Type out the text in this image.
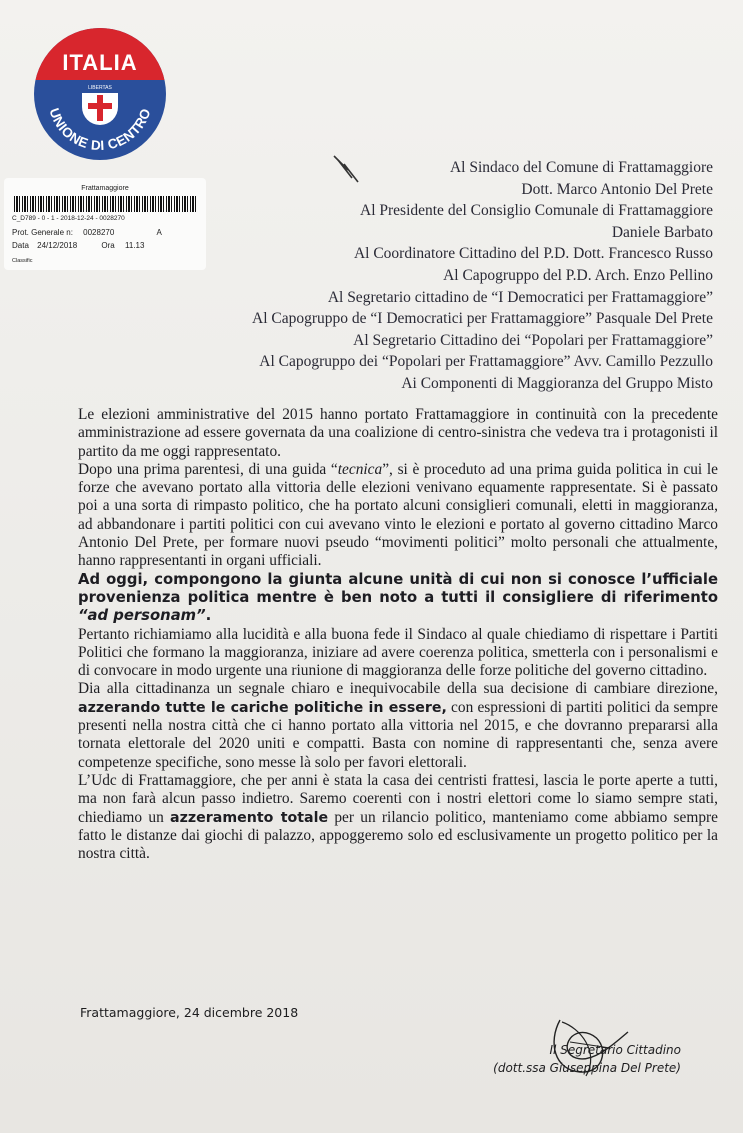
ITALIA
LIBERTAS
UNIONE DI CENTRO
Frattamaggiore
C_D789 - 0 - 1 - 2018-12-24 - 0028270
Prot. Generale n: 0028270	A
Data 24/12/2018	Ora 11.13
Classific
Al Sindaco del Comune di Frattamaggiore
Dott. Marco Antonio Del Prete
Al Presidente del Consiglio Comunale di Frattamaggiore
Daniele Barbato
Al Coordinatore Cittadino del P.D. Dott. Francesco Russo
Al Capogruppo del P.D. Arch. Enzo Pellino
Al Segretario cittadino de “I Democratici per Frattamaggiore”
Al Capogruppo de “I Democratici per Frattamaggiore” Pasquale Del Prete
Al Segretario Cittadino dei “Popolari per Frattamaggiore”
Al Capogruppo dei “Popolari per Frattamaggiore” Avv. Camillo Pezzullo
Ai Componenti di Maggioranza del Gruppo Misto

Le elezioni amministrative del 2015 hanno portato Frattamaggiore in continuità con la precedente amministrazione ad essere governata da una coalizione di centro-sinistra che vedeva tra i protagonisti il partito da me oggi rappresentato.

Dopo una prima parentesi, di una guida “tecnica”, si è proceduto ad una prima guida politica in cui le forze che avevano portato alla vittoria delle elezioni venivano equamente rappresentate. Si è passato poi a una sorta di rimpasto politico, che ha portato alcuni consiglieri comunali, eletti in maggioranza, ad abbandonare i partiti politici con cui avevano vinto le elezioni e portato al governo cittadino Marco Antonio Del Prete, per formare nuovi pseudo “movimenti politici” molto personali che attualmente, hanno rappresentanti in organi ufficiali.

Ad oggi, compongono la giunta alcune unità di cui non si conosce l’ufficiale provenienza politica mentre è ben noto a tutti il consigliere di riferimento “ad personam”.

Pertanto richiamiamo alla lucidità e alla buona fede il Sindaco al quale chiediamo di rispettare i Partiti Politici che formano la maggioranza, iniziare ad avere coerenza politica, smetterla con i personalismi e di convocare in modo urgente una riunione di maggioranza delle forze politiche del governo cittadino.

Dia alla cittadinanza un segnale chiaro e inequivocabile della sua decisione di cambiare direzione, azzerando tutte le cariche politiche in essere, con espressioni di partiti politici da sempre presenti nella nostra città che ci hanno portato alla vittoria nel 2015, e che dovranno prepararsi alla tornata elettorale del 2020 uniti e compatti. Basta con nomine di rappresentanti che, senza avere competenze specifiche, sono messe là solo per favori elettorali.

L’Udc di Frattamaggiore, che per anni è stata la casa dei centristi frattesi, lascia le porte aperte a tutti, ma non farà alcun passo indietro. Saremo coerenti con i nostri elettori come lo siamo sempre stati, chiediamo un azzeramento totale per un rilancio politico, manteniamo come abbiamo sempre fatto le distanze dai giochi di palazzo, appoggeremo solo ed esclusivamente un progetto politico per la nostra città.

Frattamaggiore, 24 dicembre 2018
Il Segretario Cittadino
(dott.ssa Giuseppina Del Prete)
